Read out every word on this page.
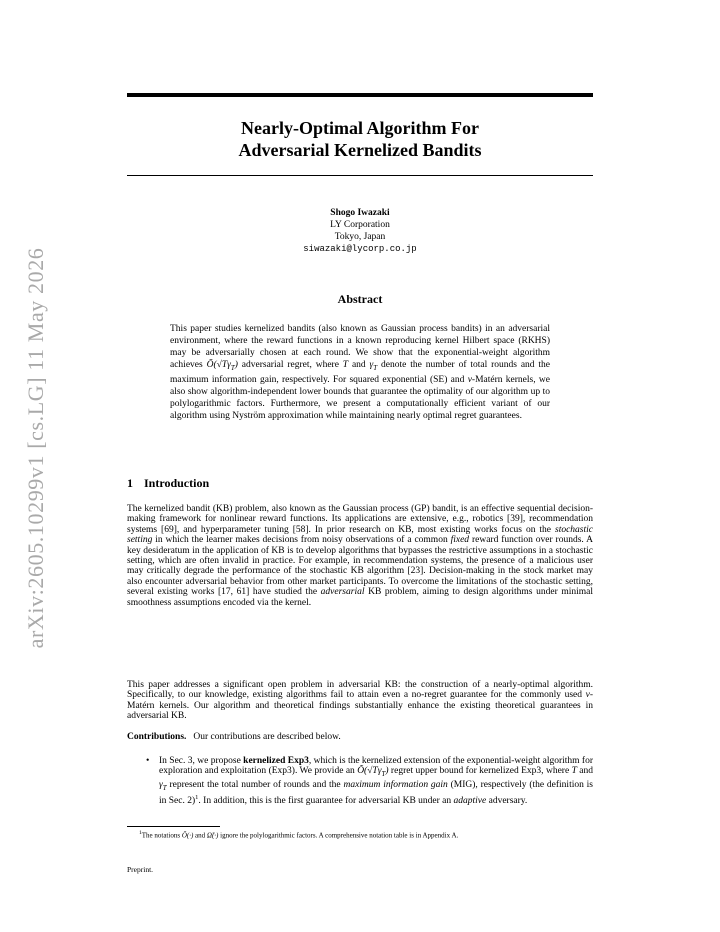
arXiv:2605.10299v1 [cs.LG] 11 May 2026
Nearly-Optimal Algorithm For
Adversarial Kernelized Bandits
Shogo Iwazaki
LY Corporation
Tokyo, Japan
siwazaki@lycorp.co.jp
Abstract
This paper studies kernelized bandits (also known as Gaussian process bandits) in an adversarial environment, where the reward functions in a known reproducing kernel Hilbert space (RKHS) may be adversarially chosen at each round. We show that the exponential-weight algorithm achieves $Õ(√T\gamma_T)$ adversarial regret, where T and $\gamma_T$ denote the number of total rounds and the maximum information gain, respectively. For squared exponential (SE) and ν-Matérn kernels, we also show algorithm-independent lower bounds that guarantee the optimality of our algorithm up to polylogarithmic factors. Furthermore, we present a computationally efficient variant of our algorithm using Nyström approximation while maintaining nearly optimal regret guarantees.
1 Introduction
The kernelized bandit (KB) problem, also known as the Gaussian process (GP) bandit, is an effective sequential decision-making framework for nonlinear reward functions. Its applications are extensive, e.g., robotics [39], recommendation systems [69], and hyperparameter tuning [58]. In prior research on KB, most existing works focus on the stochastic setting in which the learner makes decisions from noisy observations of a common fixed reward function over rounds. A key desideratum in the application of KB is to develop algorithms that bypasses the restrictive assumptions in a stochastic setting, which are often invalid in practice. For example, in recommendation systems, the presence of a malicious user may critically degrade the performance of the stochastic KB algorithm [23]. Decision-making in the stock market may also encounter adversarial behavior from other market participants. To overcome the limitations of the stochastic setting, several existing works [17, 61] have studied the adversarial KB problem, aiming to design algorithms under minimal smoothness assumptions encoded via the kernel.
This paper addresses a significant open problem in adversarial KB: the construction of a nearly-optimal algorithm. Specifically, to our knowledge, existing algorithms fail to attain even a no-regret guarantee for the commonly used ν-Matérn kernels. Our algorithm and theoretical findings substantially enhance the existing theoretical guarantees in adversarial KB.
Contributions. Our contributions are described below.
• In Sec. 3, we propose kernelized Exp3, which is the kernelized extension of the exponential-weight algorithm for exploration and exploitation (Exp3). We provide an $Õ(√T\gamma_T)$ regret upper bound for kernelized Exp3, where T and $\gamma_T$ represent the total number of rounds and the maximum information gain (MIG), respectively (the definition is in Sec. 2)$^1$. In addition, this is the first guarantee for adversarial KB under an adaptive adversary.
$^1$The notations Õ(·) and Ω̃(·) ignore the polylogarithmic factors. A comprehensive notation table is in Appendix A.
Preprint.
